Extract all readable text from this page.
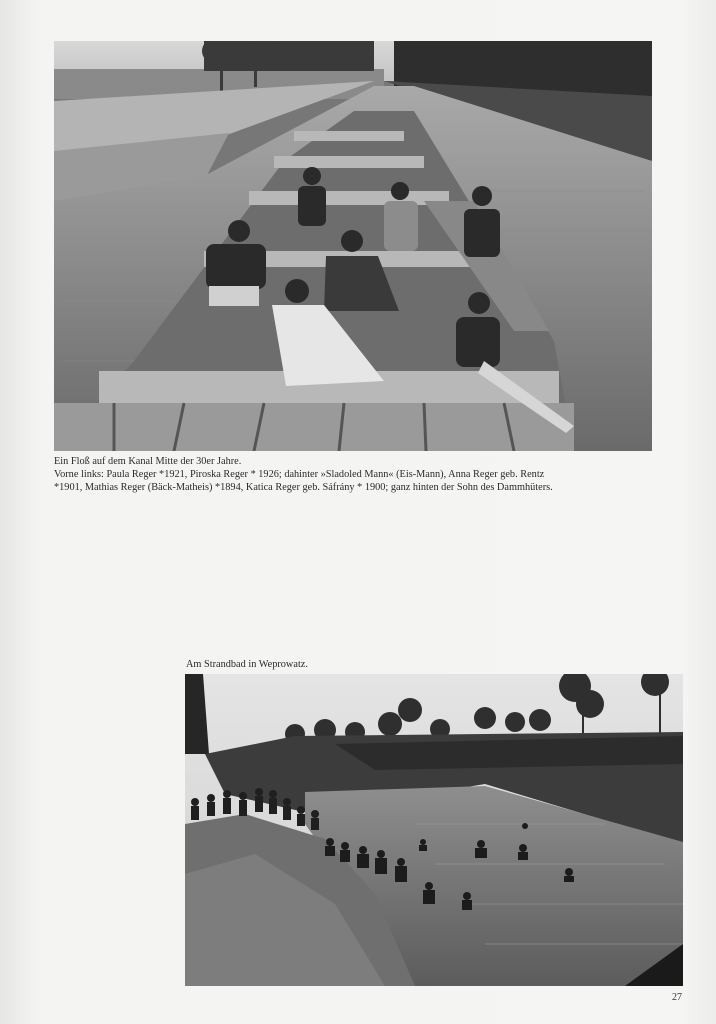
Ein Floß auf dem Kanal Mitte der 30er Jahre.
Vorne links: Paula Reger *1921, Piroska Reger * 1926; dahinter »Sladoled Mann« (Eis-Mann), Anna Reger geb. Rentz
*1901, Mathias Reger (Bäck-Matheis) *1894, Katica Reger geb. Sáfrány * 1900; ganz hinten der Sohn des Dammhüters.
Am Strandbad in Weprowatz.
27
